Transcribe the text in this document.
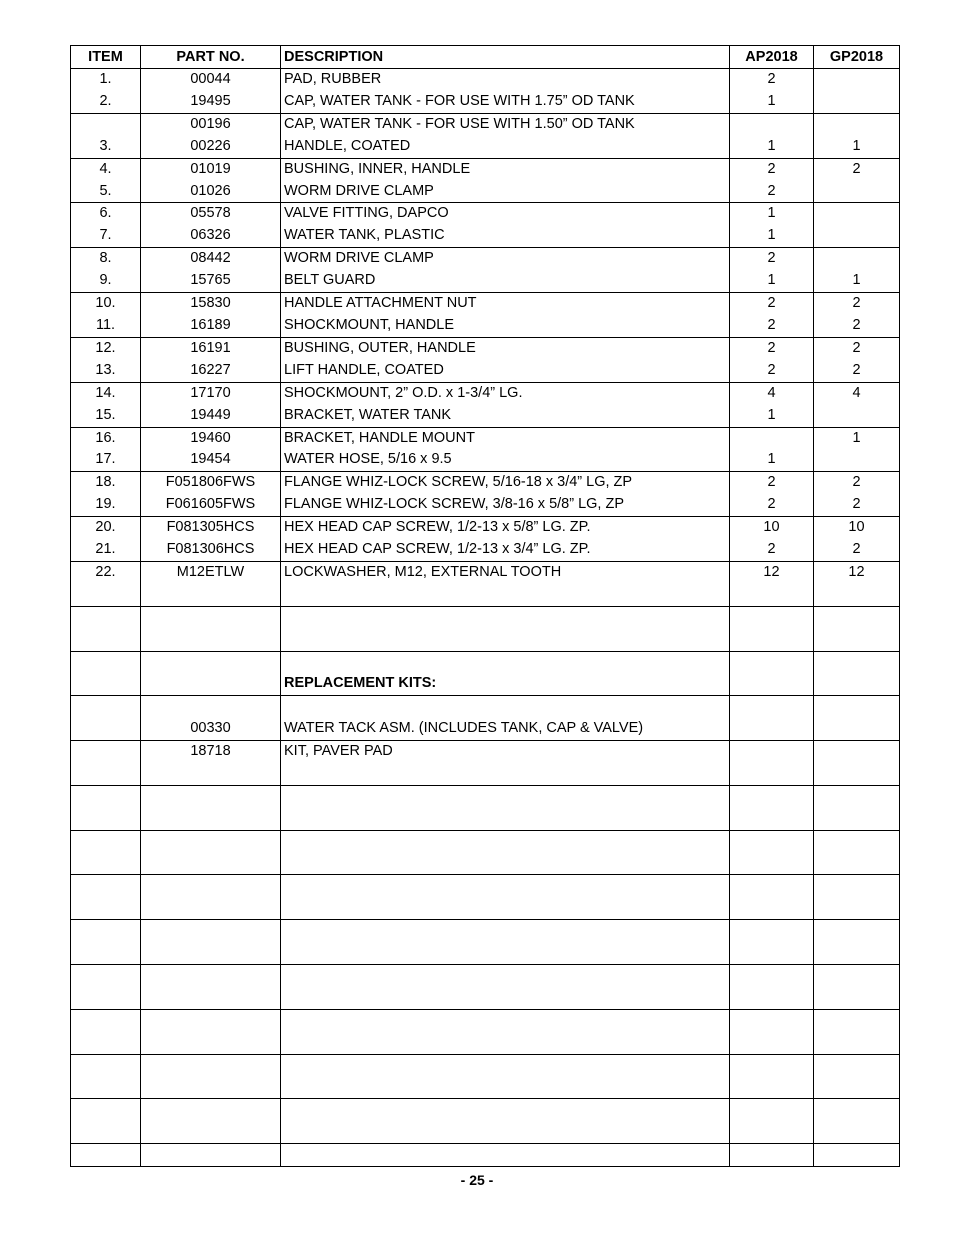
ITEM	PART NO.	DESCRIPTION	AP2018	GP2018
1.	00044	PAD, RUBBER	2	
2.	19495	CAP, WATER TANK - FOR USE WITH 1.75” OD TANK	1	
	00196	CAP, WATER TANK - FOR USE WITH 1.50” OD TANK		
3.	00226	HANDLE, COATED	1	1
4.	01019	BUSHING, INNER, HANDLE	2	2
5.	01026	WORM DRIVE CLAMP	2	
6.	05578	VALVE FITTING, DAPCO	1	
7.	06326	WATER TANK, PLASTIC	1	
8.	08442	WORM DRIVE CLAMP	2	
9.	15765	BELT GUARD	1	1
10.	15830	HANDLE ATTACHMENT NUT	2	2
11.	16189	SHOCKMOUNT, HANDLE	2	2
12.	16191	BUSHING, OUTER, HANDLE	2	2
13.	16227	LIFT HANDLE, COATED	2	2
14.	17170	SHOCKMOUNT, 2” O.D. x 1-3/4” LG.	4	4
15.	19449	BRACKET, WATER TANK	1	
16.	19460	BRACKET, HANDLE MOUNT		1
17.	19454	WATER HOSE, 5/16 x 9.5	1	
18.	F051806FWS	FLANGE WHIZ-LOCK SCREW, 5/16-18 x 3/4” LG, ZP	2	2
19.	F061605FWS	FLANGE WHIZ-LOCK SCREW, 3/8-16 x 5/8” LG, ZP	2	2
20.	F081305HCS	HEX HEAD CAP SCREW, 1/2-13 x 5/8” LG. ZP.	10	10
21.	F081306HCS	HEX HEAD CAP SCREW, 1/2-13 x 3/4” LG. ZP.	2	2
22.	M12ETLW	LOCKWASHER, M12, EXTERNAL TOOTH	12	12

		REPLACEMENT KITS:		

	00330	WATER TACK ASM. (INCLUDES TANK, CAP & VALVE)		
	18718	KIT, PAVER PAD		

- 25 -
